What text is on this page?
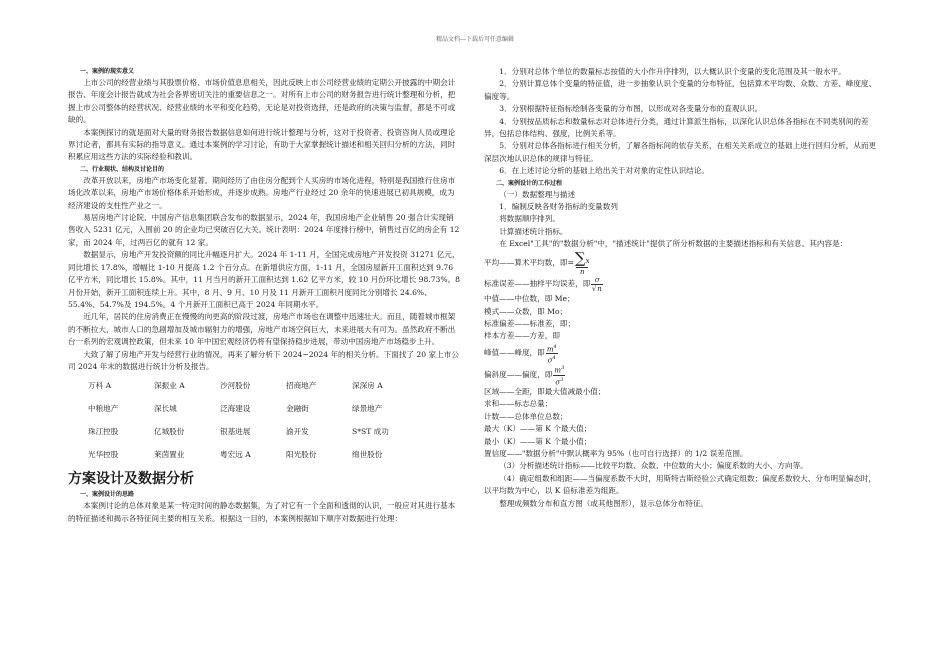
精品文档---下载后可任意编辑

一、案例的现实意义

上市公司的经营业绩与其股票价格、市场价值息息相关，因此反映上市公司经营业绩的定期公开披露的中期会计报告、年度会计报告就成为社会各界密切关注的重要信息之一。对所有上市公司的财务报告进行统计整理和分析，把握上市公司整体的经营状况、经营业绩的水平和变化趋势，无论是对投资选择，还是政府的决策与监督，都是不可或缺的。

本案例探讨的就是面对大量的财务报告数据信息如何进行统计整理与分析，这对于投资者、投资咨询人员或理论界讨论者，都具有实际的指导意义。通过本案例的学习讨论，有助于大家掌握统计描述和相关回归分析的方法，同时积累应用这些方法的实际经验和教训。

二、行业现状、结构及讨论目的

改革开放以来，房地产市场变化显著。期间经历了由住房分配到个人买房的市场化进程，特别是我国推行住房市场化改革以来，房地产市场价格体系开始形成，并逐步成熟。房地产行业经过 20 余年的快速进展已初具规模，成为经济建设的支柱性产业之一。

易居房地产讨论院、中国房产信息集团联合发布的数据显示，2024 年，我国房地产企业销售 20 强合计实现销售收入 5231 亿元，入围前 20 的企业均已突破百亿大关。统计表明：2024 年度排行榜中，销售过百亿的房企有 12 家，而 2024 年，过两百亿的就有 12 家。

数据显示，房地产开发投资额的同比升幅逐月扩大。2024 年 1-11 月，全国完成房地产开发投资 31271 亿元，同比增长 17.8%，增幅比 1-10 月提高 1.2 个百分点。在新增供应方面，1-11 月，全国房屋新开工面积达到 9.76 亿平方米，同比增长 15.8%。其中，11 月当月的新开工面积达到 1.62 亿平方米，较 10 月份环比增长 98.73%。8 月份开始，新开工面积连续上升。其中，8 月、9 月、10 月及 11 月新开工面积月度同比分别增长 24.6%、55.4%、54.7%及 194.5%。4 个月新开工面积已高于 2024 年同期水平。

近几年，居民的住房消费正在慢慢的向更高的阶段过渡，房地产市场也在调整中迅速壮大。而且，随着城市框架的不断拉大，城市人口的急剧增加及城市辐射力的增强，房地产市场空间巨大，未来进展大有可为。虽然政府不断出台一系列的宏观调控政策，但未来 10 年中国宏观经济仍将有望保持稳步进展，带动中国房地产市场稳步上升。

大致了解了房地产开发与经营行业的情况，再来了解分析下 2024~2024 年的相关分析。下面找了 20 家上市公司 2024 年末的数据进行统计分析及报告。

万科 A	深振业 A	沙河股份	招商地产	深深房 A
中粮地产	深长城	泛海建设	金融街	绿景地产
珠江控股	亿城股份	银基进展	渝开发	S*ST 成功
光华控股	莱茵置业	粤宏远 A	阳光股份	绵世股份

方案设计及数据分析

一、案例设计的思路

本案例讨论的总体对象是某一特定时间的静态数据集，为了对它有一个全面和透彻的认识，一般应对其进行基本的特征描述和揭示各特征间主要的相互关系。根据这一目的，本案例根据如下顺序对数据进行处理：

1．分别对总体个单位的数量标志按值的大小作升序排列，以大概认识个变量的变化范围及其一般水平。

2．分别计算总体个变量的特征值，进一步抽象认识个变量的分布特征，包括算术平均数、众数、方差、峰度度、偏度等。

3．分别根据特征指标绘制各变量的分布图，以形成对各变量分布的直观认识。

4．分别按品质标志和数量标志对总体进行分类，通过计算派生指标，以深化认识总体各指标在不同类别间的差异，包括总体结构、强度，比例关系等。

5．分别对总体各指标进行相关分析，了解各指标间的依存关系，在相关关系成立的基础上进行回归分析，从而更深层次地认识总体的规律与特征。

6．在上述讨论分析的基础上给出关于对对象的定性认识结论。

二、案例设计的工作过程

（一）数据整理与描述

1．编制反映各财务指标的变量数列

将数据顺序排列。

计算描述统计指标。

在 Excel"工具"的"数据分析"中，"描述统计"提供了所分析数据的主要描述指标和有关信息。其内容是：

平均——算术平均数，即= $\frac{\sum x}{n}$
标准误差——抽样平均误差，即 $\frac{\sigma}{√n}$

中值——中位数，即 Me；

模式——众数，即 Mo；

标准偏差——标准差，即；

样本方差——方差，即

峰值——峰度，即 $\frac{m^4}{\sigma^4}$
偏斜度——偏度，即 $\frac{m^3}{\sigma^3}$

区域——全距，即最大值减最小值；

求和——标志总量；

计数——总体单位总数；

最大（K）——第 K 个最大值；

最小（K）——第 K 个最小值；

置信度——"数据分析"中默认概率为 95%（也可自行选择）的 1/2 误差范围。

（3）分析描述统计指标——比较平均数、众数、中位数的大小；偏度系数的大小、方向等。

（4）确定组数和组距——当偏度系数不大时，用斯特吉斯经验公式确定组数；偏度系数较大、分布明显偏态时，以平均数为中心，以 K 倍标准差为组距。

整理成频数分布和直方图（或其他图形），显示总体分布特征。
